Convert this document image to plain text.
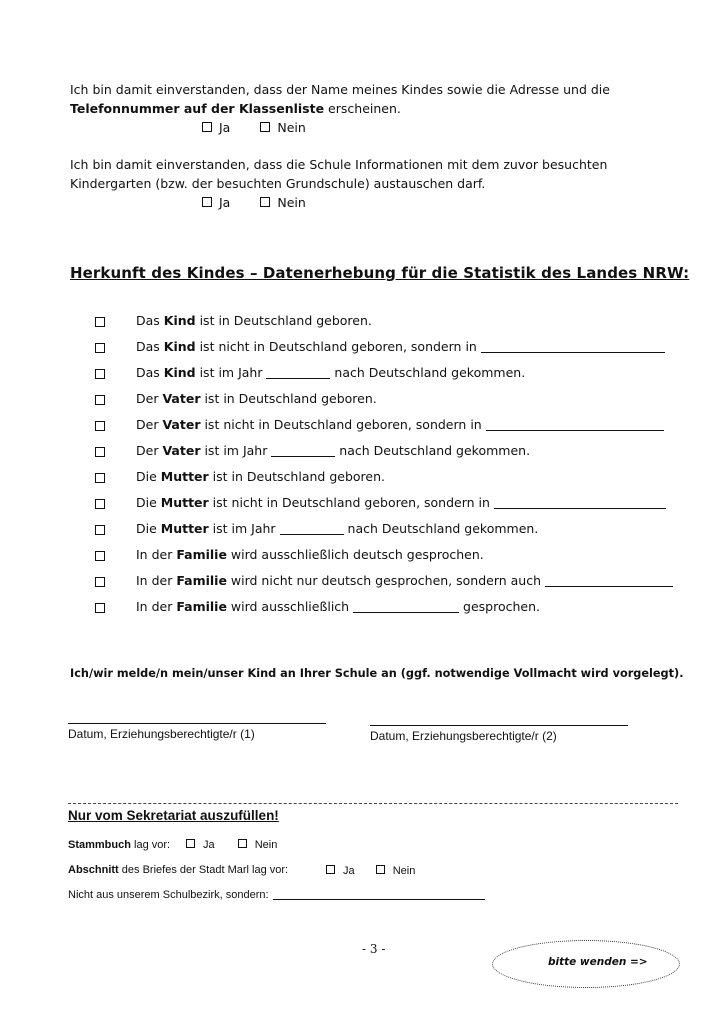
Ich bin damit einverstanden, dass der Name meines Kindes sowie die Adresse und die
Telefonnummer auf der Klassenliste erscheinen.
Ja	Nein
Ich bin damit einverstanden, dass die Schule Informationen mit dem zuvor besuchten
Kindergarten (bzw. der besuchten Grundschule) austauschen darf.
Ja	Nein
Herkunft des Kindes – Datenerhebung für die Statistik des Landes NRW:
Das Kind ist in Deutschland geboren.
Das Kind ist nicht in Deutschland geboren, sondern in
Das Kind ist im Jahr	nach Deutschland gekommen.
Der Vater ist in Deutschland geboren.
Der Vater ist nicht in Deutschland geboren, sondern in
Der Vater ist im Jahr	nach Deutschland gekommen.
Die Mutter ist in Deutschland geboren.
Die Mutter ist nicht in Deutschland geboren, sondern in
Die Mutter ist im Jahr	nach Deutschland gekommen.
In der Familie wird ausschließlich deutsch gesprochen.
In der Familie wird nicht nur deutsch gesprochen, sondern auch
In der Familie wird ausschließlich	gesprochen.
Ich/wir melde/n mein/unser Kind an Ihrer Schule an (ggf. notwendige Vollmacht wird vorgelegt).
Datum, Erziehungsberechtigte/r (1)	Datum, Erziehungsberechtigte/r (2)
Nur vom Sekretariat auszufüllen!
Stammbuch lag vor:	Ja	Nein
Abschnitt des Briefes der Stadt Marl lag vor:	Ja	Nein
Nicht aus unserem Schulbezirk, sondern:
- 3 -
bitte wenden =>
